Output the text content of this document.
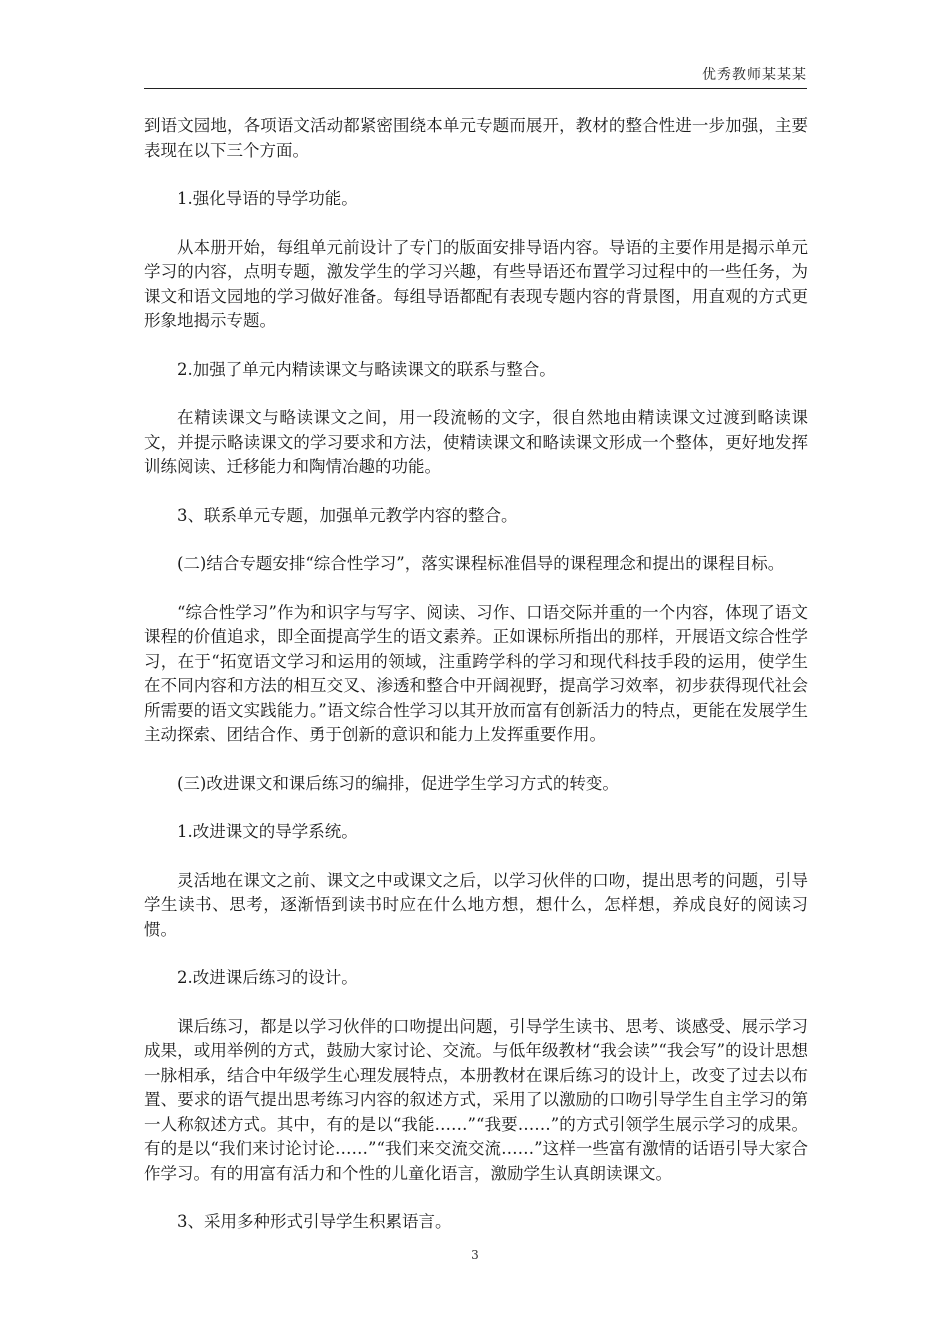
优秀教师某某某

到语文园地，各项语文活动都紧密围绕本单元专题而展开，教材的整合性进一步加强，主要表现在以下三个方面。

1.强化导语的导学功能。

从本册开始，每组单元前设计了专门的版面安排导语内容。导语的主要作用是揭示单元学习的内容，点明专题，激发学生的学习兴趣，有些导语还布置学习过程中的一些任务，为课文和语文园地的学习做好准备。每组导语都配有表现专题内容的背景图，用直观的方式更形象地揭示专题。

2.加强了单元内精读课文与略读课文的联系与整合。

在精读课文与略读课文之间，用一段流畅的文字，很自然地由精读课文过渡到略读课文，并提示略读课文的学习要求和方法，使精读课文和略读课文形成一个整体，更好地发挥训练阅读、迁移能力和陶情冶趣的功能。

3、联系单元专题，加强单元教学内容的整合。

(二)结合专题安排“综合性学习”，落实课程标准倡导的课程理念和提出的课程目标。

“综合性学习”作为和识字与写字、阅读、习作、口语交际并重的一个内容，体现了语文课程的价值追求，即全面提高学生的语文素养。正如课标所指出的那样，开展语文综合性学习，在于“拓宽语文学习和运用的领域，注重跨学科的学习和现代科技手段的运用，使学生在不同内容和方法的相互交叉、渗透和整合中开阔视野，提高学习效率，初步获得现代社会所需要的语文实践能力。”语文综合性学习以其开放而富有创新活力的特点，更能在发展学生主动探索、团结合作、勇于创新的意识和能力上发挥重要作用。

(三)改进课文和课后练习的编排，促进学生学习方式的转变。

1.改进课文的导学系统。

灵活地在课文之前、课文之中或课文之后，以学习伙伴的口吻，提出思考的问题，引导学生读书、思考，逐渐悟到读书时应在什么地方想，想什么，怎样想，养成良好的阅读习惯。

2.改进课后练习的设计。

课后练习，都是以学习伙伴的口吻提出问题，引导学生读书、思考、谈感受、展示学习成果，或用举例的方式，鼓励大家讨论、交流。与低年级教材“我会读”“我会写”的设计思想一脉相承，结合中年级学生心理发展特点，本册教材在课后练习的设计上，改变了过去以布置、要求的语气提出思考练习内容的叙述方式，采用了以激励的口吻引导学生自主学习的第一人称叙述方式。其中，有的是以“我能……”“我要……”的方式引领学生展示学习的成果。有的是以“我们来讨论讨论……”“我们来交流交流……”这样一些富有激情的话语引导大家合作学习。有的用富有活力和个性的儿童化语言，激励学生认真朗读课文。

3、采用多种形式引导学生积累语言。

3
